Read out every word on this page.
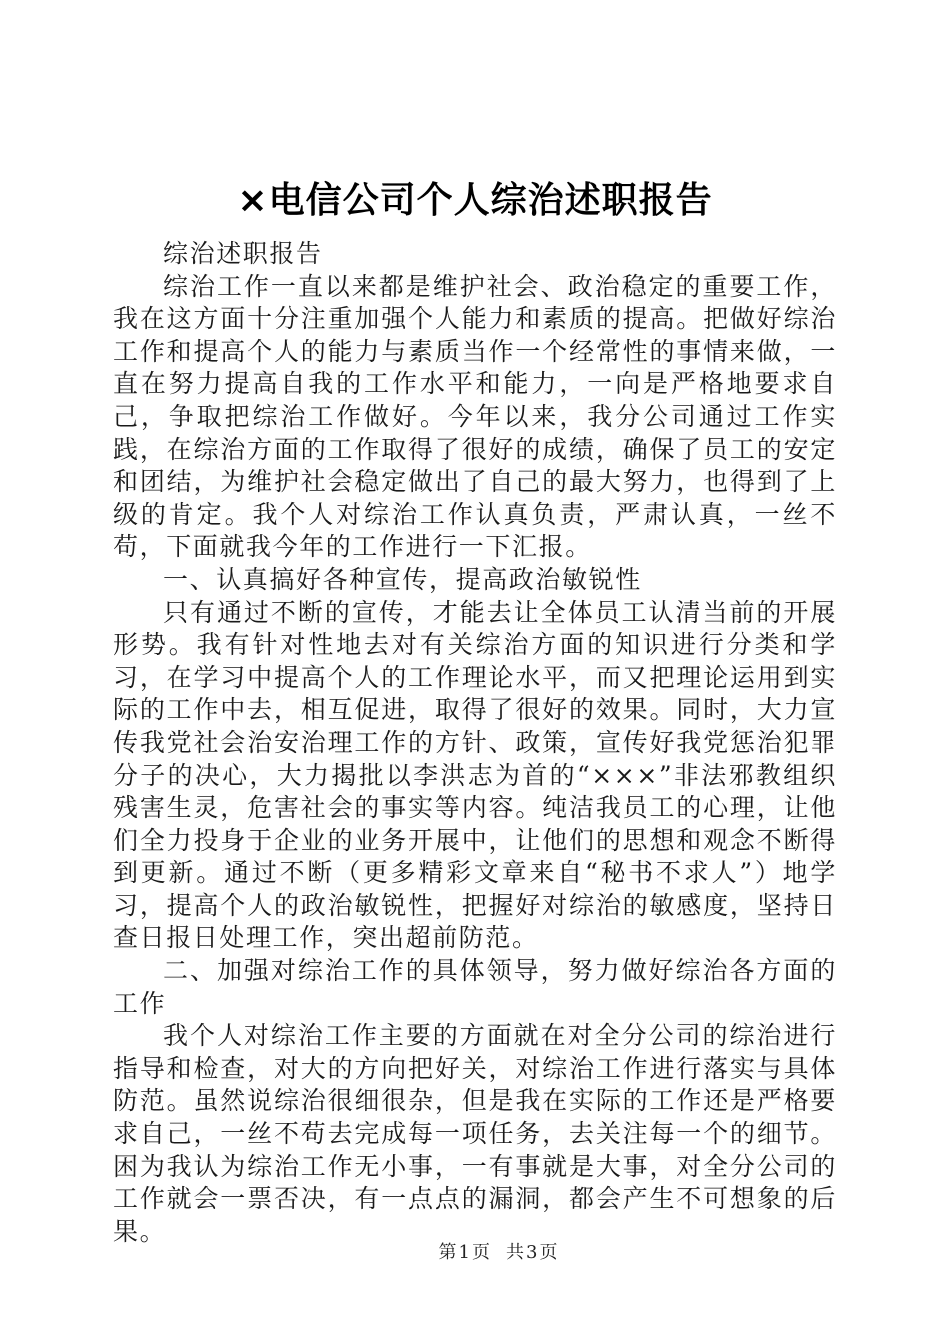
×电信公司个人综治述职报告

综治述职报告

综治工作一直以来都是维护社会、政治稳定的重要工作，我在这方面十分注重加强个人能力和素质的提高。把做好综治工作和提高个人的能力与素质当作一个经常性的事情来做，一直在努力提高自我的工作水平和能力，一向是严格地要求自己，争取把综治工作做好。今年以来，我分公司通过工作实践，在综治方面的工作取得了很好的成绩，确保了员工的安定和团结，为维护社会稳定做出了自己的最大努力，也得到了上级的肯定。我个人对综治工作认真负责，严肃认真，一丝不苟，下面就我今年的工作进行一下汇报。

一、认真搞好各种宣传，提高政治敏锐性

只有通过不断的宣传，才能去让全体员工认清当前的开展形势。我有针对性地去对有关综治方面的知识进行分类和学习，在学习中提高个人的工作理论水平，而又把理论运用到实际的工作中去，相互促进，取得了很好的效果。同时，大力宣传我党社会治安治理工作的方针、政策，宣传好我党惩治犯罪分子的决心，大力揭批以李洪志为首的“×××”非法邪教组织残害生灵，危害社会的事实等内容。纯洁我员工的心理，让他们全力投身于企业的业务开展中，让他们的思想和观念不断得到更新。通过不断（更多精彩文章来自“秘书不求人”）地学习，提高个人的政治敏锐性，把握好对综治的敏感度，坚持日查日报日处理工作，突出超前防范。

二、加强对综治工作的具体领导，努力做好综治各方面的工作

我个人对综治工作主要的方面就在对全分公司的综治进行指导和检查，对大的方向把好关，对综治工作进行落实与具体防范。虽然说综治很细很杂，但是我在实际的工作还是严格要求自己，一丝不苟去完成每一项任务，去关注每一个的细节。困为我认为综治工作无小事，一有事就是大事，对全分公司的工作就会一票否决，有一点点的漏洞，都会产生不可想象的后果。

第1页 共3页
